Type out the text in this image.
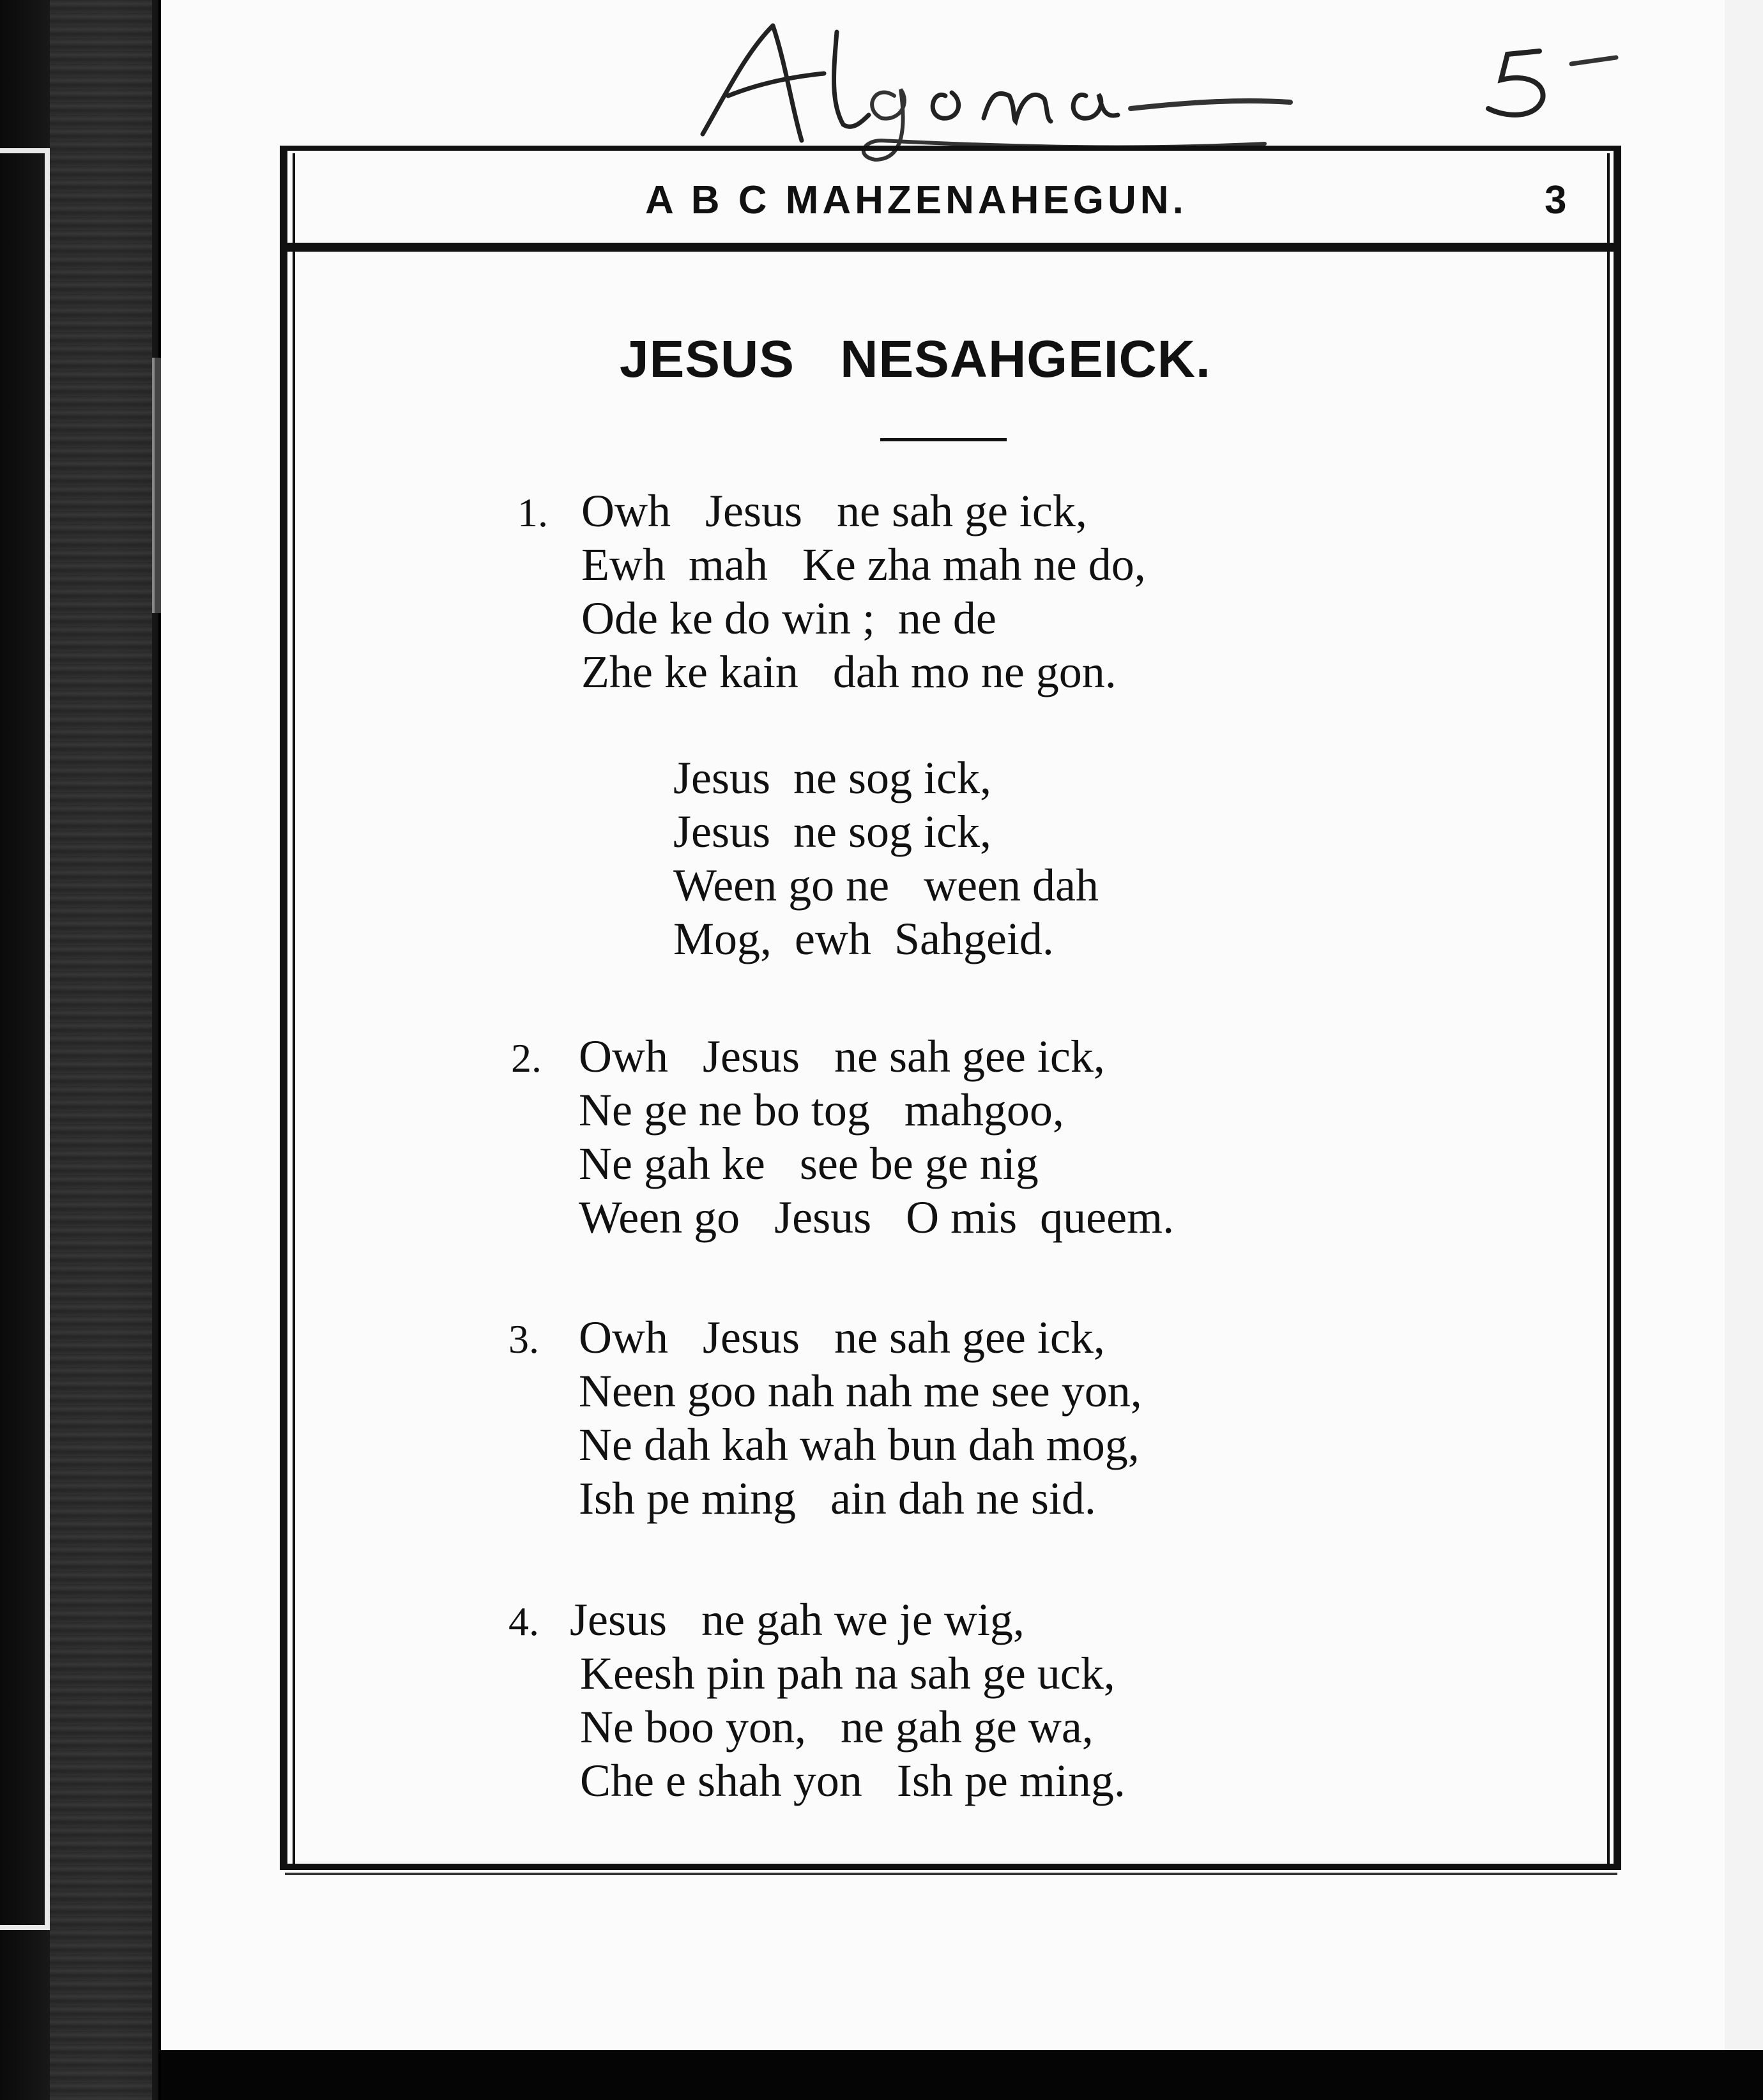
A B C MAHZENAHEGUN.	3
JESUS   NESAHGEICK.
1. Owh   Jesus   ne sah ge ick,
Ewh  mah   Ke zha mah ne do,
Ode ke do win ;  ne de
Zhe ke kain   dah mo ne gon.
Jesus  ne sog ick,
Jesus  ne sog ick,
Ween go ne   ween dah
Mog,  ewh  Sahgeid.
2. Owh   Jesus   ne sah gee ick,
Ne ge ne bo tog   mahgoo,
Ne gah ke   see be ge nig
Ween go   Jesus   O mis  queem.
3. Owh   Jesus   ne sah gee ick,
Neen goo nah nah me see yon,
Ne dah kah wah bun dah mog,
Ish pe ming   ain dah ne sid.
4. Jesus   ne gah we je wig,
Keesh pin pah na sah ge uck,
Ne boo yon,   ne gah ge wa,
Che e shah yon   Ish pe ming.
